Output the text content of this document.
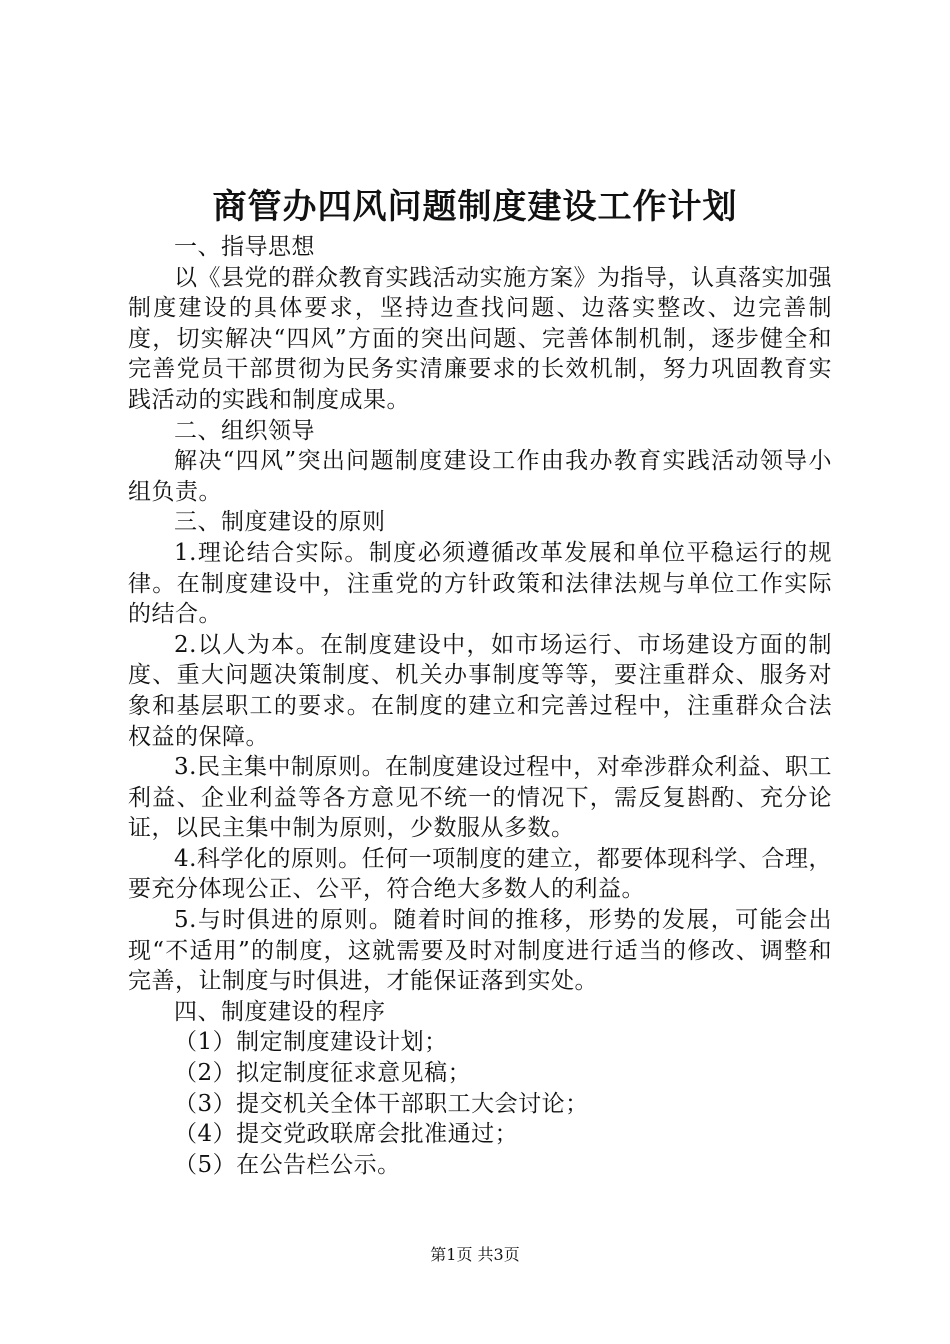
商管办四风问题制度建设工作计划

一、指导思想

以《县党的群众教育实践活动实施方案》为指导，认真落实加强制度建设的具体要求，坚持边查找问题、边落实整改、边完善制度，切实解决“四风”方面的突出问题、完善体制机制，逐步健全和完善党员干部贯彻为民务实清廉要求的长效机制，努力巩固教育实践活动的实践和制度成果。

二、组织领导

解决“四风”突出问题制度建设工作由我办教育实践活动领导小组负责。

三、制度建设的原则

1.理论结合实际。制度必须遵循改革发展和单位平稳运行的规律。在制度建设中，注重党的方针政策和法律法规与单位工作实际的结合。

2.以人为本。在制度建设中，如市场运行、市场建设方面的制度、重大问题决策制度、机关办事制度等等，要注重群众、服务对象和基层职工的要求。在制度的建立和完善过程中，注重群众合法权益的保障。

3.民主集中制原则。在制度建设过程中，对牵涉群众利益、职工利益、企业利益等各方意见不统一的情况下，需反复斟酌、充分论证，以民主集中制为原则，少数服从多数。

4.科学化的原则。任何一项制度的建立，都要体现科学、合理，要充分体现公正、公平，符合绝大多数人的利益。

5.与时俱进的原则。随着时间的推移，形势的发展，可能会出现“不适用”的制度，这就需要及时对制度进行适当的修改、调整和完善，让制度与时俱进，才能保证落到实处。

四、制度建设的程序

（1）制定制度建设计划；

（2）拟定制度征求意见稿；

（3）提交机关全体干部职工大会讨论；

（4）提交党政联席会批准通过；

（5）在公告栏公示。

第1页 共3页
